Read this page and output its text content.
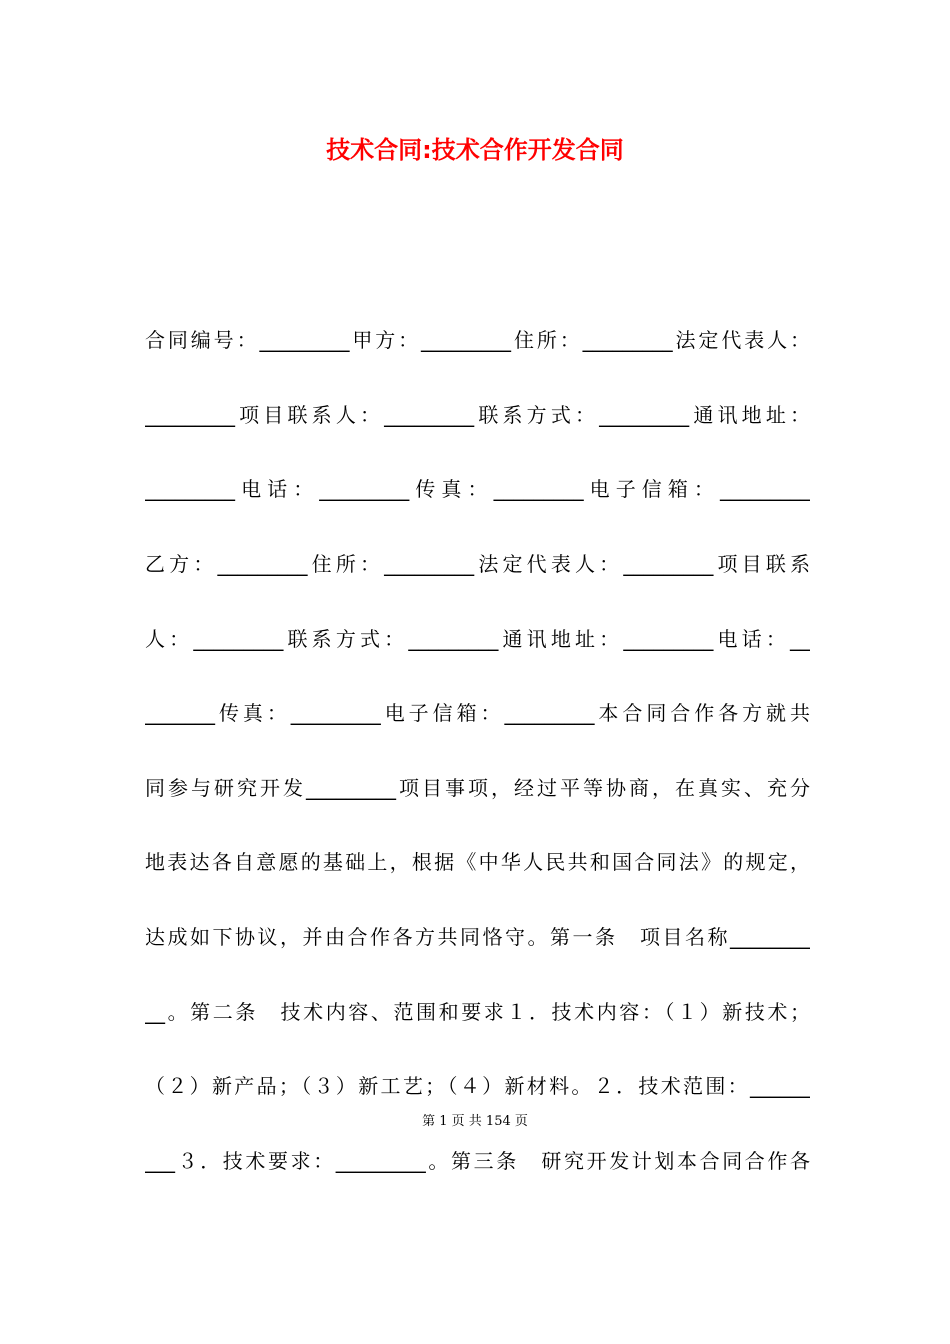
技术合同:技术合作开发合同
合同编号：_________甲方：_________住所：_________法定代表人：
_________项目联系人：_________联系方式：_________通讯地址：
_________电话：_________传真：_________电子信箱：_________
乙方：_________住所：_________法定代表人：_________项目联系
人：_________联系方式：_________通讯地址：_________电话：__
_______传真：_________电子信箱：_________本合同合作各方就共
同参与研究开发_________项目事项，经过平等协商，在真实、充分
地表达各自意愿的基础上，根据《中华人民共和国合同法》的规定，
达成如下协议，并由合作各方共同恪守。第一条　项目名称________
__。第二条　技术内容、范围和要求１．技术内容：（１）新技术；
（２）新产品；（３）新工艺；（４）新材料。２．技术范围：______
第 1 页 共 154 页
___３．技术要求：_________。第三条　研究开发计划本合同合作各
